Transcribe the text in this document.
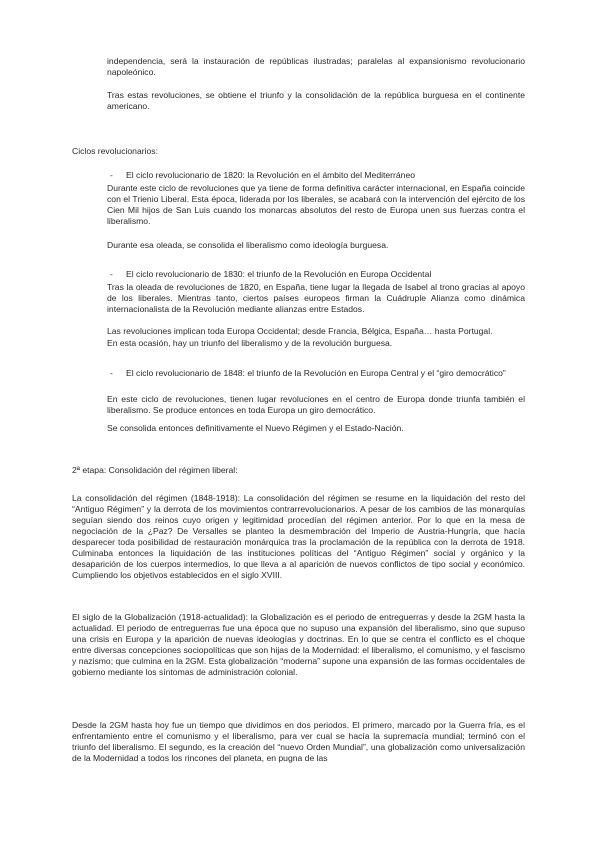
independencia, será la instauración de repúblicas ilustradas; paralelas al expansionismo revolucionario napoleónico.

Tras estas revoluciones, se obtiene el triunfo y la consolidación de la república burguesa en el continente americano.

Ciclos revolucionarios:

- El ciclo revolucionario de 1820: la Revolución en el ámbito del Mediterráneo

Durante este ciclo de revoluciones que ya tiene de forma definitiva carácter internacional, en España coincide con el Trienio Liberal. Esta época, liderada por los liberales, se acabará con la intervención del ejército de los Cien Mil hijos de San Luis cuando los monarcas absolutos del resto de Europa unen sus fuerzas contra el liberalismo.

Durante esa oleada, se consolida el liberalismo como ideología burguesa.

- El ciclo revolucionario de 1830: el triunfo de la Revolución en Europa Occidental

Tras la oleada de revoluciones de 1820, en España, tiene lugar la llegada de Isabel al trono gracias al apoyo de los liberales. Mientras tanto, ciertos países europeos firman la Cuádruple Alianza como dinámica internacionalista de la Revolución mediante alianzas entre Estados.

Las revoluciones implican toda Europa Occidental; desde Francia, Bélgica, España… hasta Portugal.

En esta ocasión, hay un triunfo del liberalismo y de la revolución burguesa.

- El ciclo revolucionario de 1848: el triunfo de la Revolución en Europa Central y el “giro democrático”

En este ciclo de revoluciones, tienen lugar revoluciones en el centro de Europa donde triunfa también el liberalismo. Se produce entonces en toda Europa un giro democrático.

Se consolida entonces definitivamente el Nuevo Régimen y el Estado-Nación.

2ª etapa: Consolidación del régimen liberal:

La consolidación del régimen (1848-1918): La consolidación del régimen se resume en la liquidación del resto del “Antiguo Régimen” y la derrota de los movimientos contrarrevolucionarios. A pesar de los cambios de las monarquías seguían siendo dos reinos cuyo origen y legitimidad procedían del régimen anterior. Por lo que en la mesa de negociación de la ¿Paz? De Versalles se planteo la desmembración del Imperio de Austria-Hungría, que hacía desparecer toda posibilidad de restauración monárquica tras la proclamación de la república con la derrota de 1918. Culminaba entonces la liquidación de las instituciones políticas del “Antiguo Régimen” social y orgánico y la desaparición de los cuerpos intermedios, lo que lleva a al aparición de nuevos conflictos de tipo social y económico. Cumpliendo los objetivos establecidos en el siglo XVIII.

El siglo de la Globalización (1918-actualidad): la Globalización es el periodo de entreguerras y desde la 2GM hasta la actualidad. El periodo de entreguerras fue una época que no supuso una expansión del liberalismo, sino que supuso una crisis en Europa y la aparición de nuevas ideologías y doctrinas. En lo que se centra el conflicto es el choque entre diversas concepciones sociopolíticas que son hijas de la Modernidad: el liberalismo, el comunismo, y el fascismo y nazismo; que culmina en la 2GM. Esta globalización “moderna” supone una expansión de las formas occidentales de gobierno mediante los síntomas de administración colonial.

Desde la 2GM hasta hoy fue un tiempo que dividimos en dos periodos. El primero, marcado por la Guerra fría, es el enfrentamiento entre el comunismo y el liberalismo, para ver cual se hacía la supremacía mundial; terminó con el triunfo del liberalismo. El segundo, es la creación del “nuevo Orden Mundial”, una globalización como universalización de la Modernidad a todos los rincones del planeta, en pugna de las
